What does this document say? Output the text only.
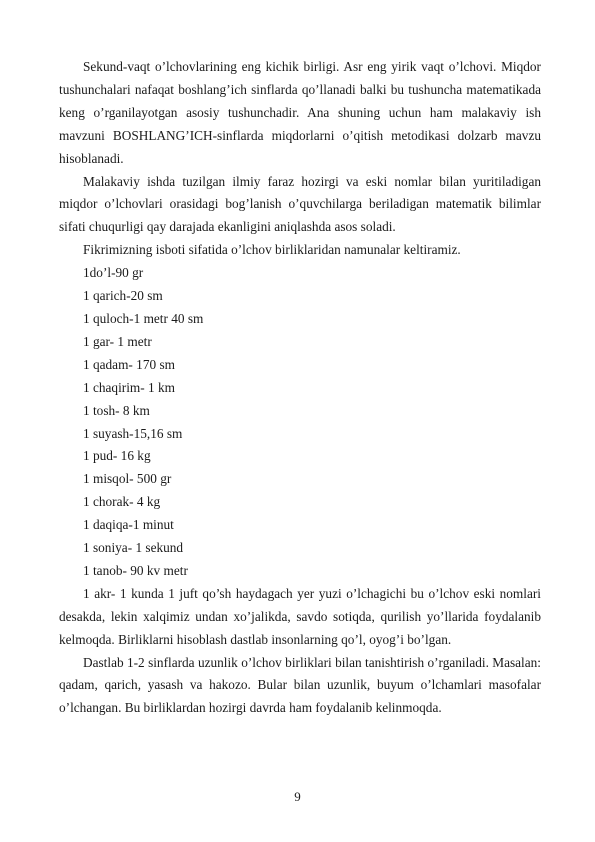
Sekund-vaqt o’lchovlarining eng kichik birligi. Asr eng yirik vaqt o’lchovi. Miqdor tushunchalari nafaqat boshlang’ich sinflarda qo’llanadi balki bu tushuncha matematikada keng o’rganilayotgan asosiy tushunchadir. Ana shuning uchun ham malakaviy ish mavzuni BOSHLANG’ICH-sinflarda miqdorlarni o’qitish metodikasi dolzarb mavzu hisoblanadi.

Malakaviy ishda tuzilgan ilmiy faraz hozirgi va eski nomlar bilan yuritiladigan miqdor o’lchovlari orasidagi bog’lanish o’quvchilarga beriladigan matematik bilimlar sifati chuqurligi qay darajada ekanligini aniqlashda asos soladi.

Fikrimizning isboti sifatida o’lchov birliklaridan namunalar keltiramiz.
1do’l-90 gr
1 qarich-20 sm
1 quloch-1 metr 40 sm
1 gar- 1 metr
1 qadam- 170 sm
1 chaqirim- 1 km
1 tosh- 8 km
1 suyash-15,16 sm
1 pud- 16 kg
1 misqol- 500 gr
1 chorak- 4 kg
1 daqiqa-1 minut
1 soniya- 1 sekund
1 tanob- 90 kv metr

1 akr- 1 kunda 1 juft qo’sh haydagach yer yuzi o’lchagichi bu o’lchov eski nomlari desakda, lekin xalqimiz undan xo’jalikda, savdo sotiqda, qurilish yo’llarida foydalanib kelmoqda. Birliklarni hisoblash dastlab insonlarning qo’l, oyog’i bo’lgan.

Dastlab 1-2 sinflarda uzunlik o’lchov birliklari bilan tanishtirish o’rganiladi. Masalan: qadam, qarich, yasash va hakozo. Bular bilan uzunlik, buyum o’lchamlari masofalar o’lchangan. Bu birliklardan hozirgi davrda ham foydalanib kelinmoqda.

9
